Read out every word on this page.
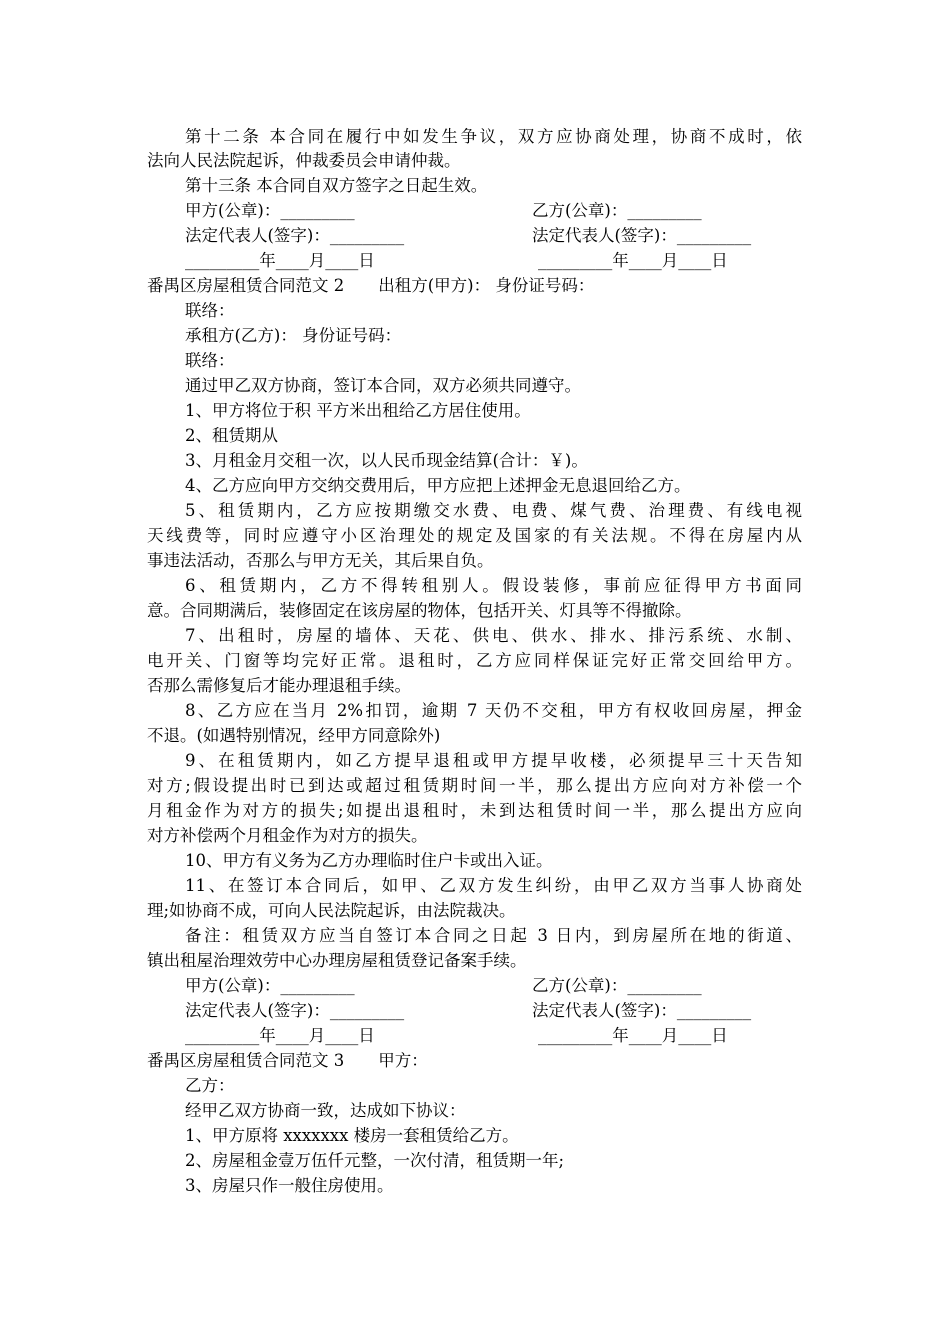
第十二条 本合同在履行中如发生争议，双方应协商处理，协商不成时，依
法向人民法院起诉，仲裁委员会申请仲裁。
第十三条 本合同自双方签字之日起生效。
甲方(公章)：_________	乙方(公章)：_________
法定代表人(签字)：_________	法定代表人(签字)：_________
_________年____月____日	_________年____月____日
番禺区房屋租赁合同范文 2 出租方(甲方)： 身份证号码：
联络：
承租方(乙方)： 身份证号码：
联络：
通过甲乙双方协商，签订本合同，双方必须共同遵守。
1、甲方将位于积 平方米出租给乙方居住使用。
2、租赁期从
3、月租金月交租一次，以人民币现金结算(合计：￥)。
4、乙方应向甲方交纳交费用后，甲方应把上述押金无息退回给乙方。
5、租赁期内，乙方应按期缴交水费、电费、煤气费、治理费、有线电视
天线费等，同时应遵守小区治理处的规定及国家的有关法规。不得在房屋内从
事违法活动，否那么与甲方无关，其后果自负。
6、租赁期内，乙方不得转租别人。假设装修，事前应征得甲方书面同
意。合同期满后，装修固定在该房屋的物体，包括开关、灯具等不得撤除。
7、出租时，房屋的墙体、天花、供电、供水、排水、排污系统、水制、
电开关、门窗等均完好正常。退租时，乙方应同样保证完好正常交回给甲方。
否那么需修复后才能办理退租手续。
8、乙方应在当月 2%扣罚，逾期 7 天仍不交租，甲方有权收回房屋，押金
不退。(如遇特别情况，经甲方同意除外)
9、在租赁期内，如乙方提早退租或甲方提早收楼，必须提早三十天告知
对方;假设提出时已到达或超过租赁期时间一半，那么提出方应向对方补偿一个
月租金作为对方的损失;如提出退租时，未到达租赁时间一半，那么提出方应向
对方补偿两个月租金作为对方的损失。
10、甲方有义务为乙方办理临时住户卡或出入证。
11、在签订本合同后，如甲、乙双方发生纠纷，由甲乙双方当事人协商处
理;如协商不成，可向人民法院起诉，由法院裁决。
备注：租赁双方应当自签订本合同之日起 3 日内，到房屋所在地的街道、
镇出租屋治理效劳中心办理房屋租赁登记备案手续。
甲方(公章)：_________	乙方(公章)：_________
法定代表人(签字)：_________	法定代表人(签字)：_________
_________年____月____日	_________年____月____日
番禺区房屋租赁合同范文 3 甲方：
乙方：
经甲乙双方协商一致，达成如下协议：
1、甲方原将 xxxxxxx 楼房一套租赁给乙方。
2、房屋租金壹万伍仟元整，一次付清，租赁期一年;
3、房屋只作一般住房使用。
